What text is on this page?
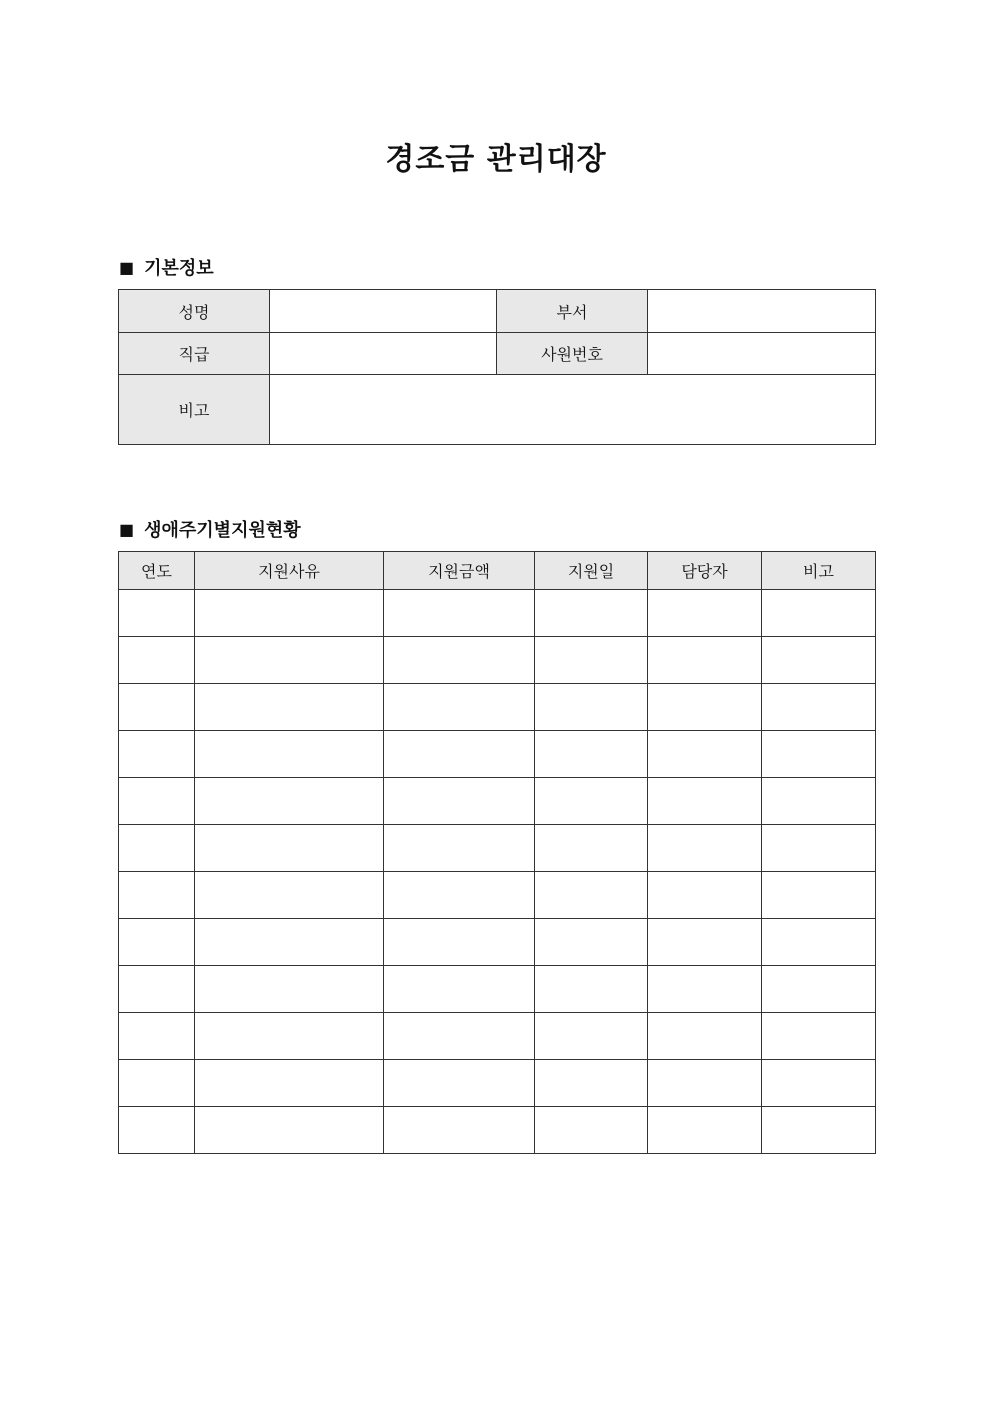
경조금 관리대장
■ 기본정보
성명		부서	
직급		사원번호	
비고			
■ 생애주기별지원현황
연도	지원사유	지원금액	지원일	담당자	비고
